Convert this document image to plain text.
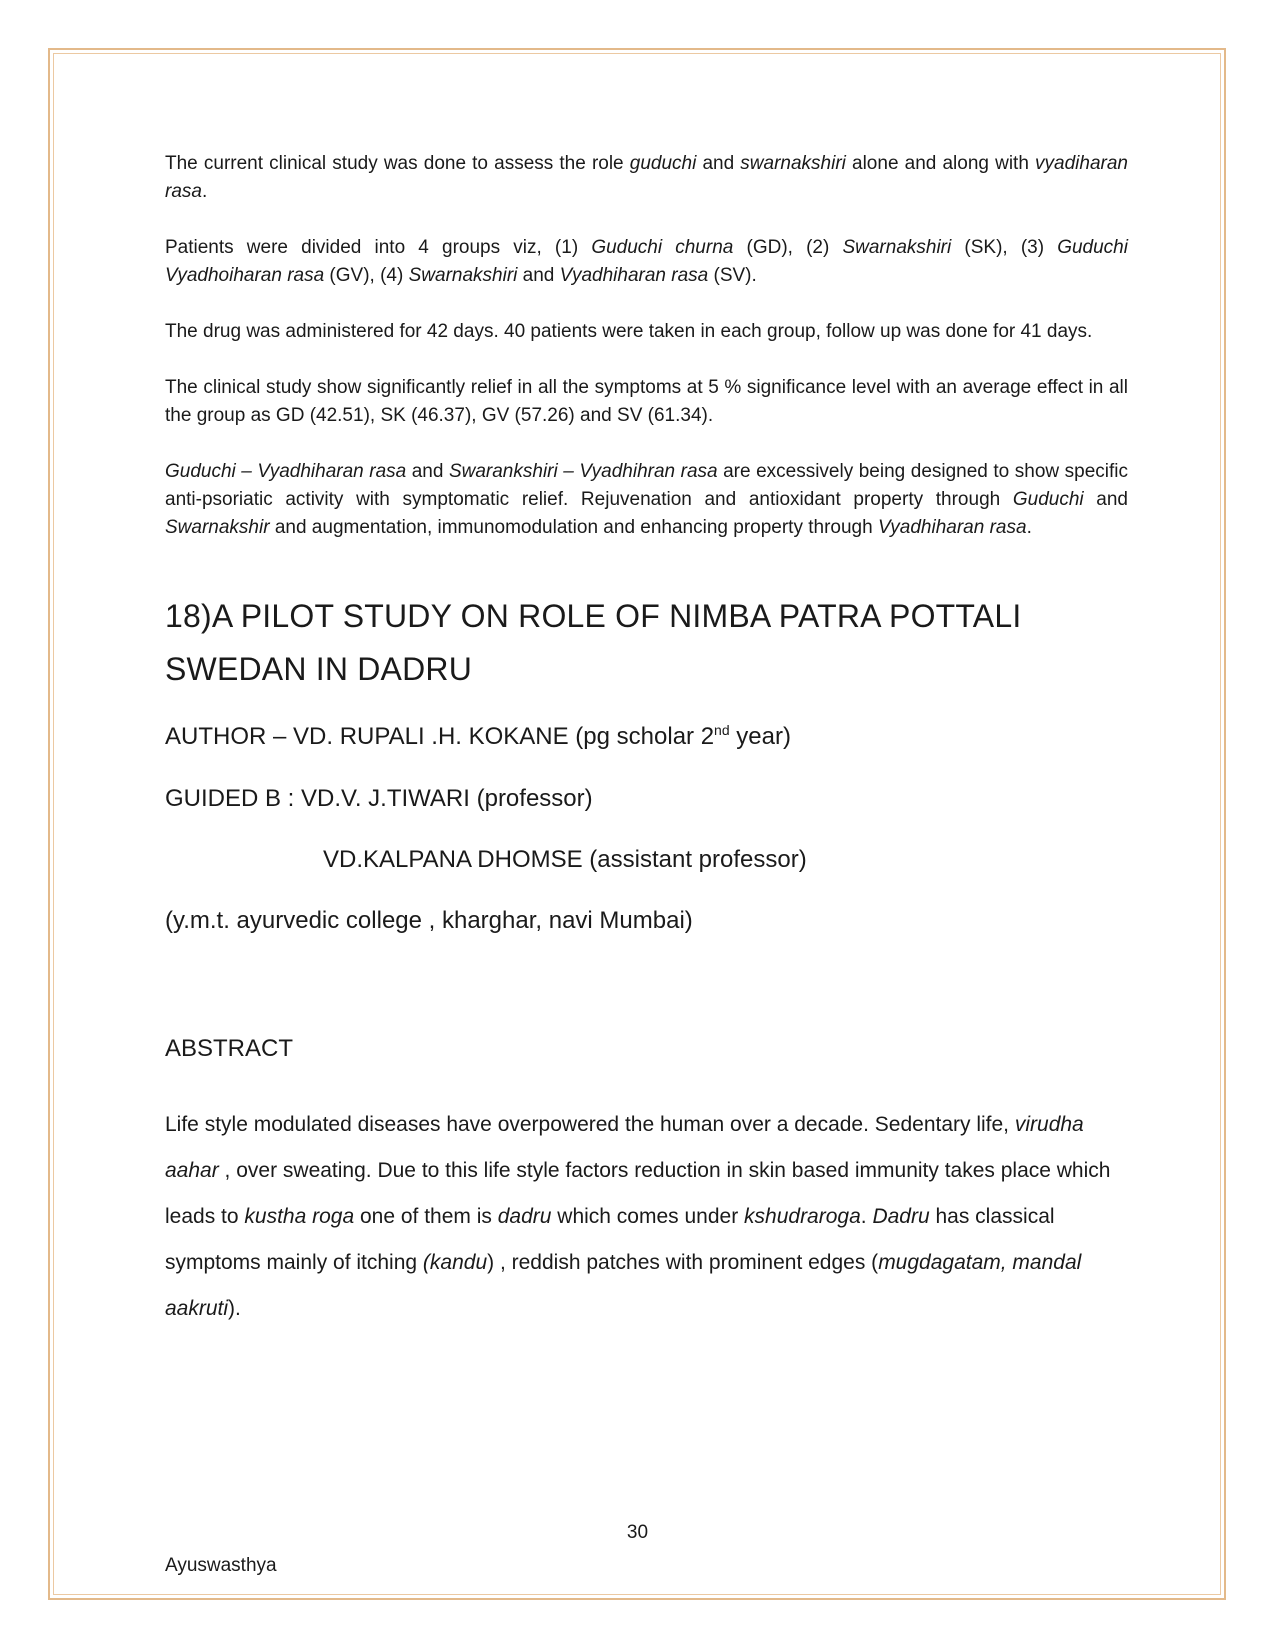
The current clinical study was done to assess the role guduchi and swarnakshiri alone and along with vyadiharan rasa.

Patients were divided into 4 groups viz, (1) Guduchi churna (GD), (2) Swarnakshiri (SK), (3) Guduchi Vyadhoiharan rasa (GV), (4) Swarnakshiri and Vyadhiharan rasa (SV).

The drug was administered for 42 days. 40 patients were taken in each group, follow up was done for 41 days.

The clinical study show significantly relief in all the symptoms at 5 % significance level with an average effect in all the group as GD (42.51), SK (46.37), GV (57.26) and SV (61.34).

Guduchi – Vyadhiharan rasa and Swarankshiri – Vyadhihran rasa are excessively being designed to show specific anti-psoriatic activity with symptomatic relief. Rejuvenation and antioxidant property through Guduchi and Swarnakshir and augmentation, immunomodulation and enhancing property through Vyadhiharan rasa.

18)A PILOT STUDY ON ROLE OF NIMBA PATRA POTTALI
SWEDAN IN DADRU

AUTHOR – VD. RUPALI .H. KOKANE (pg scholar 2nd year)

GUIDED B : VD.V. J.TIWARI (professor)

VD.KALPANA DHOMSE (assistant professor)

(y.m.t. ayurvedic college , kharghar, navi Mumbai)

ABSTRACT

Life style modulated diseases have overpowered the human over a decade. Sedentary life, virudha aahar , over sweating. Due to this life style factors reduction in skin based immunity takes place which leads to kustha roga one of them is dadru which comes under kshudraroga. Dadru has classical symptoms mainly of itching (kandu) , reddish patches with prominent edges (mugdagatam, mandal aakruti).

30
Ayuswasthya
